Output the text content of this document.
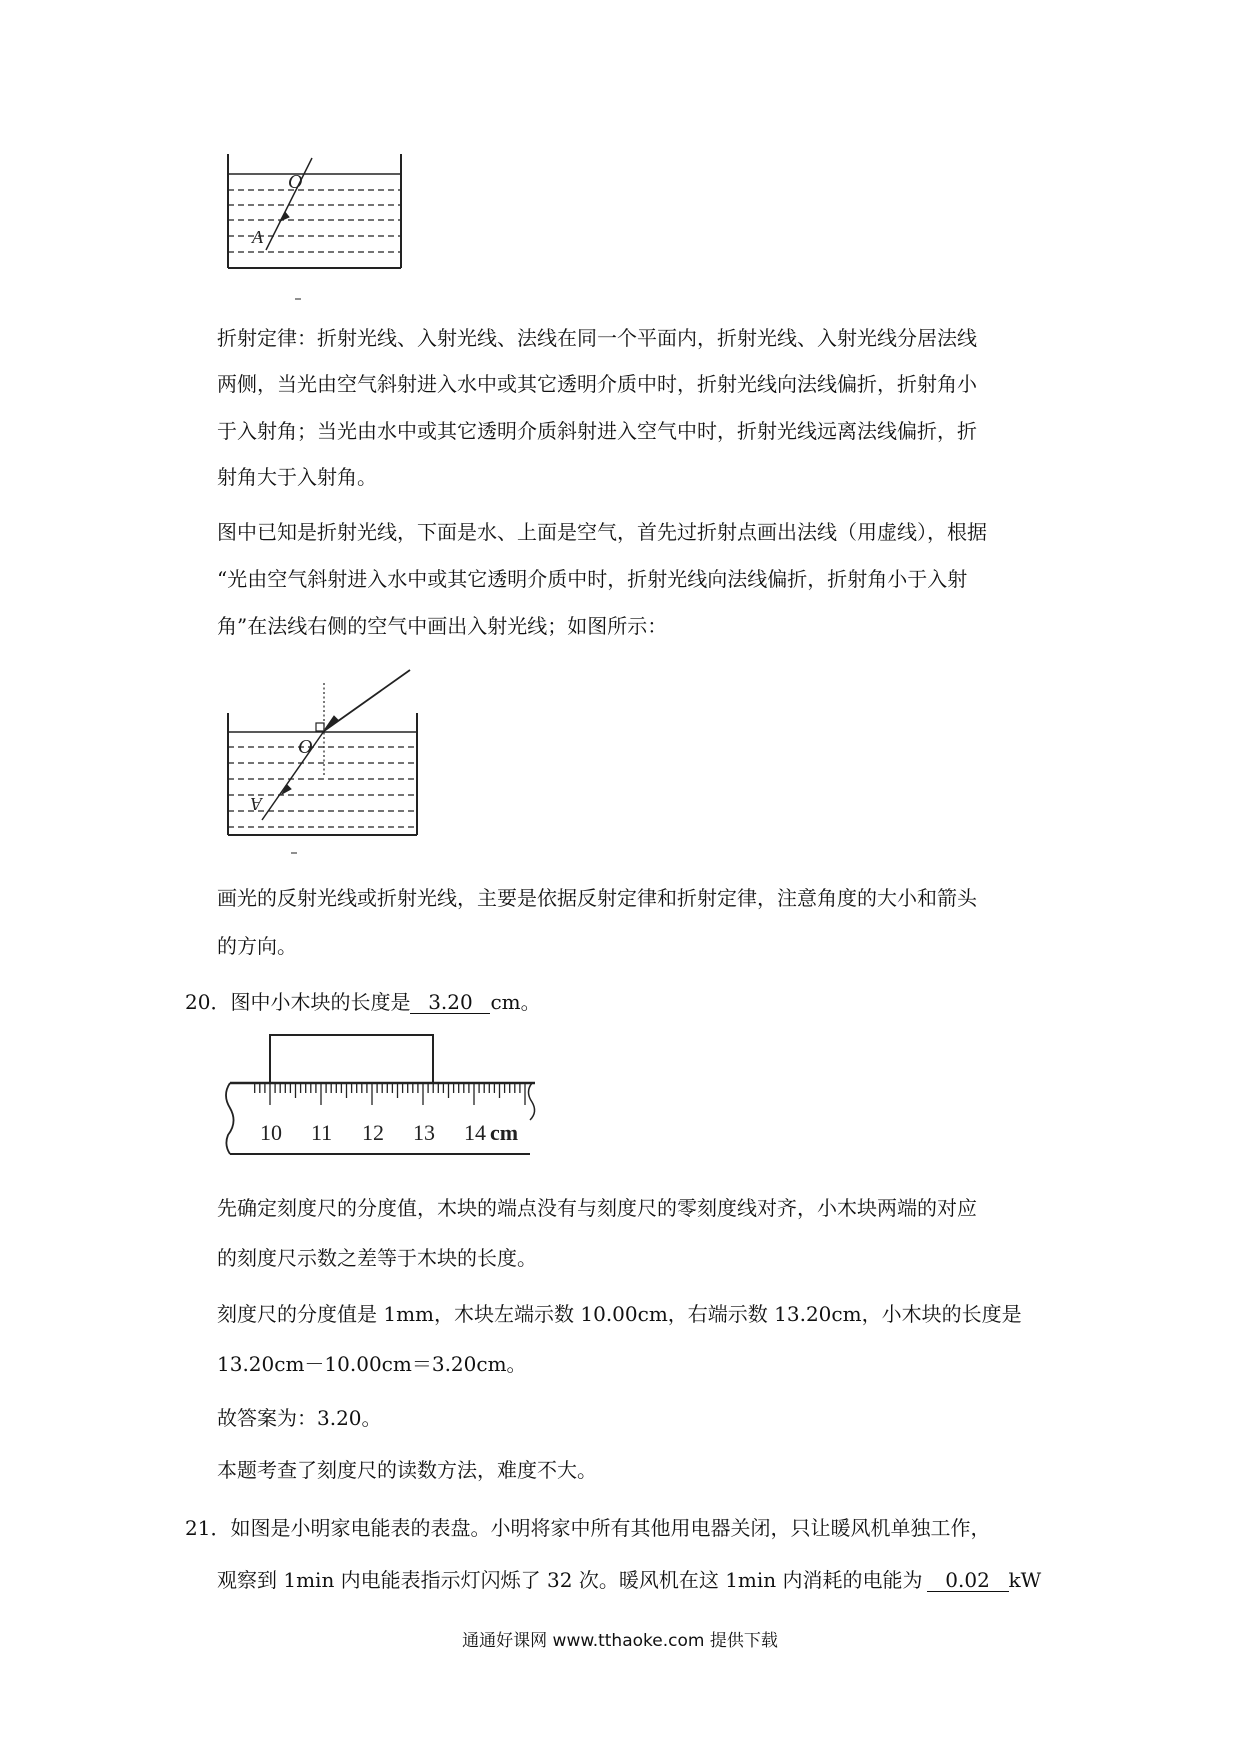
O
A
折射定律：折射光线、入射光线、法线在同一个平面内，折射光线、入射光线分居法线
两侧，当光由空气斜射进入水中或其它透明介质中时，折射光线向法线偏折，折射角小
于入射角；当光由水中或其它透明介质斜射进入空气中时，折射光线远离法线偏折，折
射角大于入射角。
图中已知是折射光线，下面是水、上面是空气，首先过折射点画出法线（用虚线），根据
“光由空气斜射进入水中或其它透明介质中时，折射光线向法线偏折，折射角小于入射
角”在法线右侧的空气中画出入射光线；如图所示：
O
A
画光的反射光线或折射光线，主要是依据反射定律和折射定律，注意角度的大小和箭头
的方向。
20．图中小木块的长度是 3.20 cm。
10 11 12 13 14 cm
先确定刻度尺的分度值，木块的端点没有与刻度尺的零刻度线对齐，小木块两端的对应
的刻度尺示数之差等于木块的长度。
刻度尺的分度值是 1mm，木块左端示数 10.00cm，右端示数 13.20cm，小木块的长度是
13.20cm－10.00cm＝3.20cm。
故答案为：3.20。
本题考查了刻度尺的读数方法，难度不大。
21．如图是小明家电能表的表盘。小明将家中所有其他用电器关闭，只让暖风机单独工作，
观察到 1min 内电能表指示灯闪烁了 32 次。暖风机在这 1min 内消耗的电能为 0.02 kW
通通好课网 www.tthaoke.com 提供下载
